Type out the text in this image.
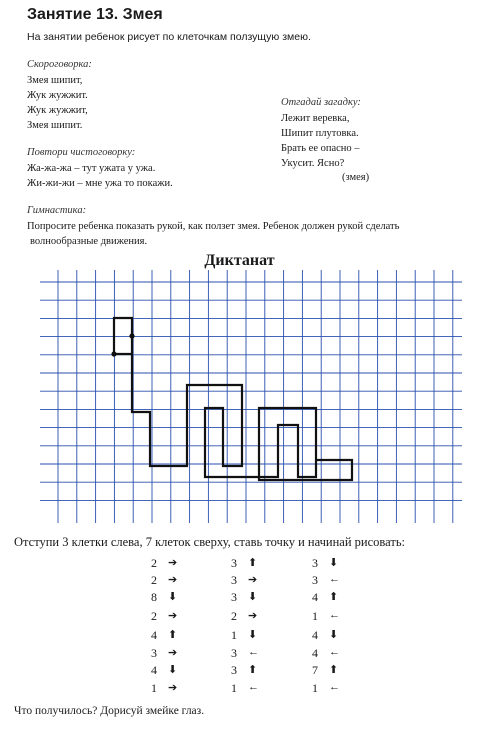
Занятие 13. Змея
На занятии ребенок рисует по клеточкам ползущую змею.
Скороговорка:
Змея шипит,
Жук жужжит.
Жук жужжит,
Змея шипит.
Отгадай загадку:
Лежит веревка,
Шипит плутовка.
Брать ее опасно –
Укусит. Ясно?
(змея)
Повтори чистоговорку:
Жа-жа-жа – тут ужата у ужа.
Жи-жи-жи – мне ужа то покажи.
Гимнастика:
Попросите ребенка показать рукой, как ползет змея. Ребенок должен рукой сделать
волнообразные движения.
Диктанат
Отступи 3 клетки слева, 7 клеток сверху, ставь точку и начинай рисовать:
2 ➔
2 ➔
8 ⬇
2 ➔
4 ⬆
3 ➔
4 ⬇
1 ➔
3 ⬆
3 ➔
3 ⬇
2 ➔
1 ⬇
3 ←
3 ⬆
1 ←
3 ⬇
3 ←
4 ⬆
1 ←
4 ⬇
4 ←
7 ⬆
1 ←
Что получилось? Дорисуй змейке глаз.
